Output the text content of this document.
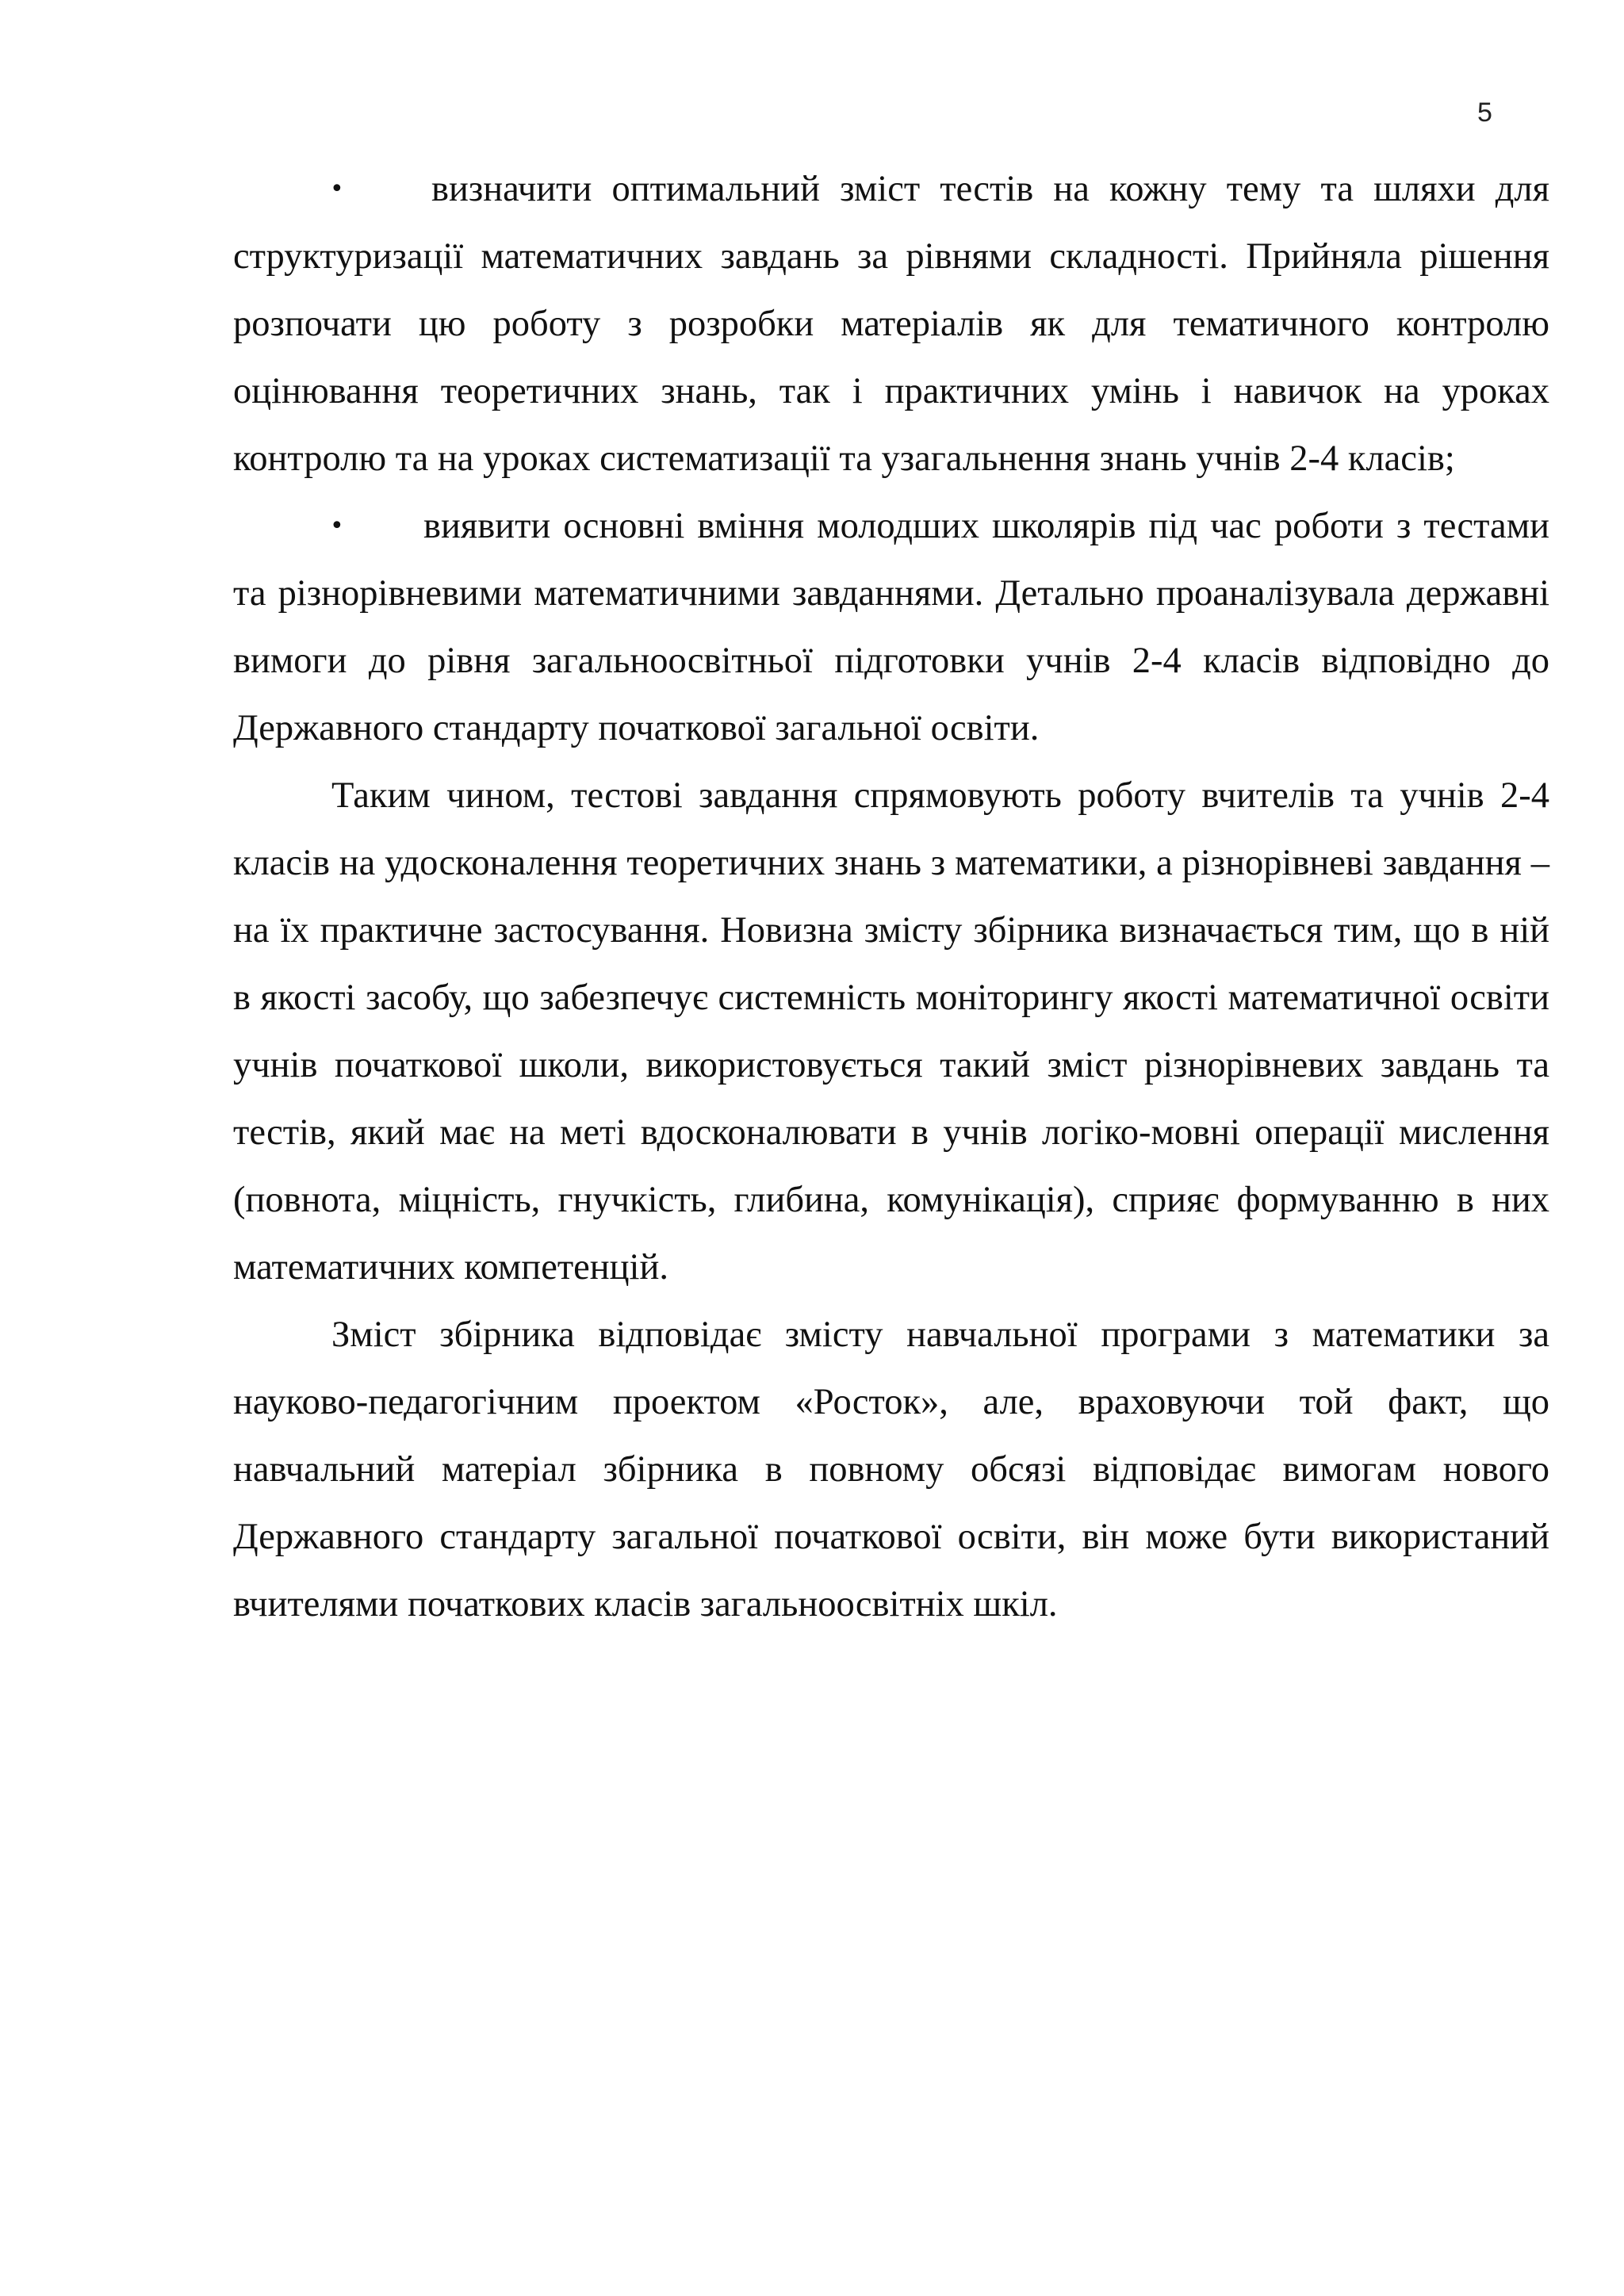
5

• визначити оптимальний зміст тестів на кожну тему та шляхи для структуризації математичних завдань за рівнями складності. Прийняла рішення розпочати цю роботу з розробки матеріалів як для тематичного контролю оцінювання теоретичних знань, так і практичних умінь і навичок на уроках контролю та на уроках систематизації та узагальнення знань учнів 2-4 класів;

• виявити основні вміння молодших школярів під час роботи з тестами та різнорівневими математичними завданнями. Детально проаналізувала державні вимоги до рівня загальноосвітньої підготовки учнів 2-4 класів відповідно до Державного стандарту початкової загальної освіти.

Таким чином, тестові завдання спрямовують роботу вчителів та учнів 2-4 класів на удосконалення теоретичних знань з математики, а різнорівневі завдання – на їх практичне застосування. Новизна змісту збірника визначається тим, що в ній в якості засобу, що забезпечує системність моніторингу якості математичної освіти учнів початкової школи, використовується такий зміст різнорівневих завдань та тестів, який має на меті вдосконалювати в учнів логіко-мовні операції мислення (повнота, міцність, гнучкість, глибина, комунікація), сприяє формуванню в них математичних компетенцій.

Зміст збірника відповідає змісту навчальної програми з математики за науково-педагогічним проектом «Росток», але, враховуючи той факт, що навчальний матеріал збірника в повному обсязі відповідає вимогам нового Державного стандарту загальної початкової освіти, він може бути використаний вчителями початкових класів загальноосвітніх шкіл.
